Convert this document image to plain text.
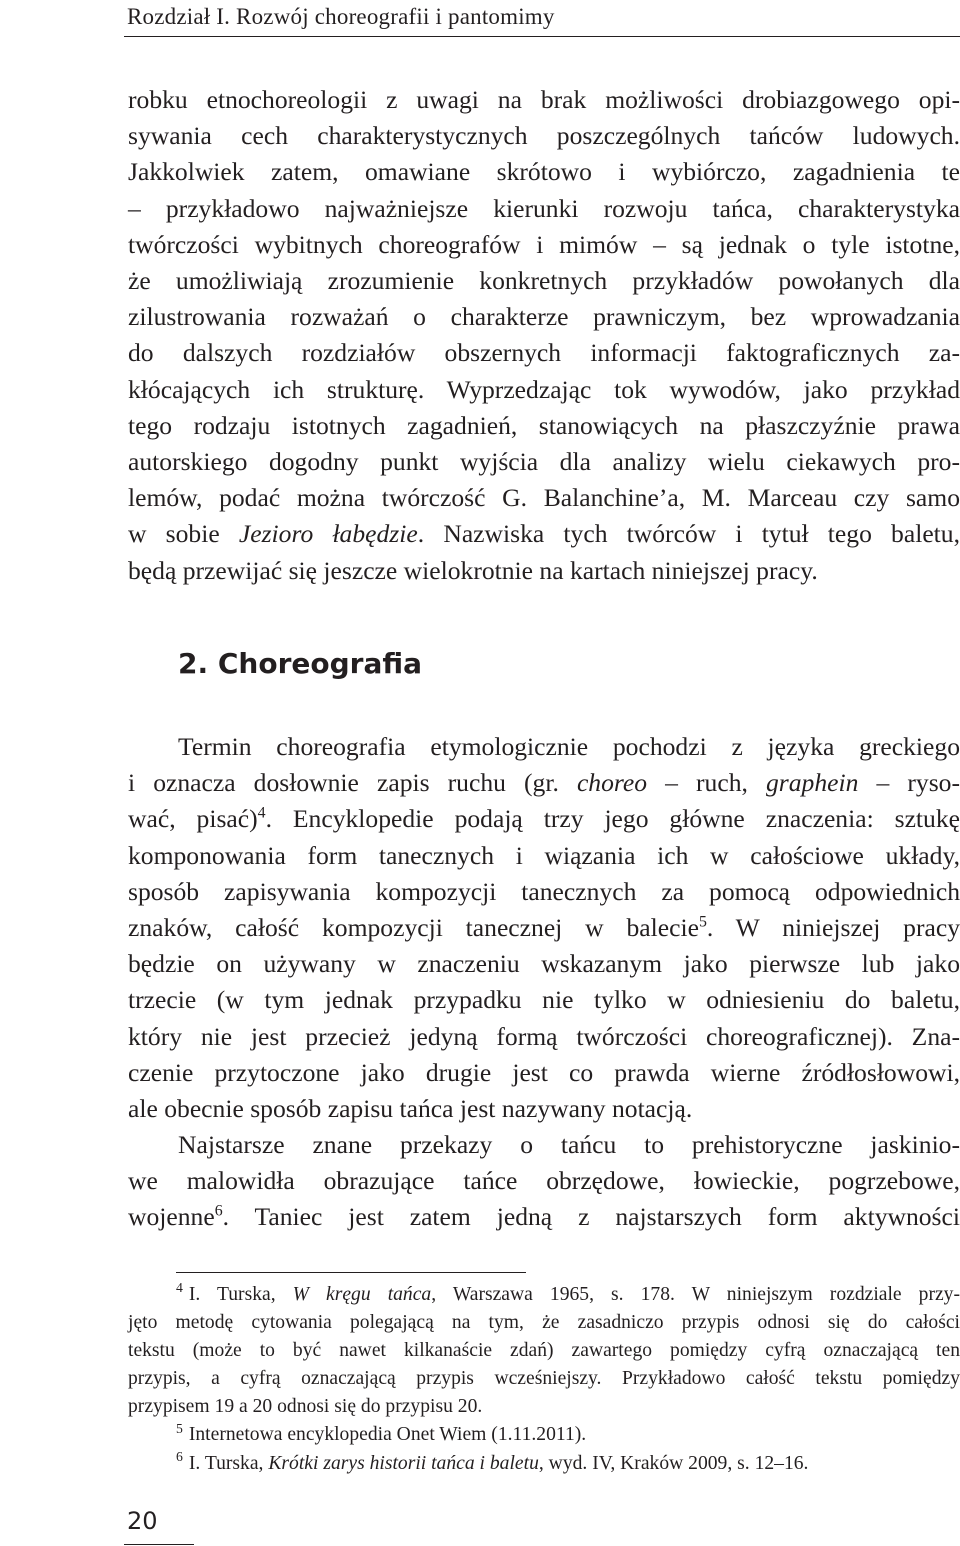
Rozdział I. Rozwój choreografii i pantomimy
robku etnochoreologii z uwagi na brak możliwości drobiazgowego opi-
sywania cech charakterystycznych poszczególnych tańców ludowych.
Jakkolwiek zatem, omawiane skrótowo i wybiórczo, zagadnienia te
– przykładowo najważniejsze kierunki rozwoju tańca, charakterystyka
twórczości wybitnych choreografów i mimów – są jednak o tyle istotne,
że umożliwiają zrozumienie konkretnych przykładów powołanych dla
zilustrowania rozważań o charakterze prawniczym, bez wprowadzania
do dalszych rozdziałów obszernych informacji faktograficznych za-
kłócających ich strukturę. Wyprzedzając tok wywodów, jako przykład
tego rodzaju istotnych zagadnień, stanowiących na płaszczyźnie prawa
autorskiego dogodny punkt wyjścia dla analizy wielu ciekawych pro-
lemów, podać można twórczość G. Balanchine’a, M. Marceau czy samo
w sobie Jezioro łabędzie. Nazwiska tych twórców i tytuł tego baletu,
będą przewijać się jeszcze wielokrotnie na kartach niniejszej pracy.
2. Choreografia
Termin choreografia etymologicznie pochodzi z języka greckiego
i oznacza dosłownie zapis ruchu (gr. choreo – ruch, graphein – ryso-
wać, pisać)$^4$. Encyklopedie podają trzy jego główne znaczenia: sztukę
komponowania form tanecznych i wiązania ich w całościowe układy,
sposób zapisywania kompozycji tanecznych za pomocą odpowiednich
znaków, całość kompozycji tanecznej w balecie$^5$. W niniejszej pracy
będzie on używany w znaczeniu wskazanym jako pierwsze lub jako
trzecie (w tym jednak przypadku nie tylko w odniesieniu do baletu,
który nie jest przecież jedyną formą twórczości choreograficznej). Zna-
czenie przytoczone jako drugie jest co prawda wierne źródłosłowowi,
ale obecnie sposób zapisu tańca jest nazywany notacją.
Najstarsze znane przekazy o tańcu to prehistoryczne jaskinio-
we malowidła obrazujące tańce obrzędowe, łowieckie, pogrzebowe,
wojenne$^6$. Taniec jest zatem jedną z najstarszych form aktywności
$^4$ I. Turska, W kręgu tańca, Warszawa 1965, s. 178. W niniejszym rozdziale przy-
jęto metodę cytowania polegającą na tym, że zasadniczo przypis odnosi się do całości
tekstu (może to być nawet kilkanaście zdań) zawartego pomiędzy cyfrą oznaczającą ten
przypis, a cyfrą oznaczającą przypis wcześniejszy. Przykładowo całość tekstu pomiędzy
przypisem 19 a 20 odnosi się do przypisu 20.
$^5$ Internetowa encyklopedia Onet Wiem (1.11.2011).
$^6$ I. Turska, Krótki zarys historii tańca i baletu, wyd. IV, Kraków 2009, s. 12–16.
20
